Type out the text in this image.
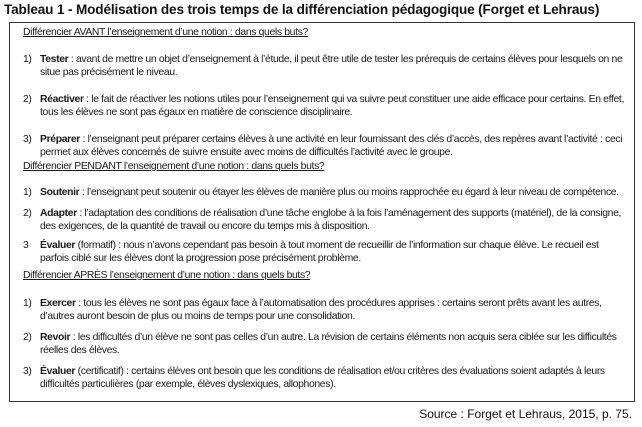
Tableau 1 - Modélisation des trois temps de la différenciation pédagogique (Forget et Lehraus)
Différencier AVANT l’enseignement d’une notion : dans quels buts?
1) Tester : avant de mettre un objet d’enseignement à l’étude, il peut être utile de tester les prérequis de certains élèves pour lesquels on ne situe pas précisément le niveau.
2) Réactiver : le fait de réactiver les notions utiles pour l’enseignement qui va suivre peut constituer une aide efficace pour certains. En effet, tous les élèves ne sont pas égaux en matière de conscience disciplinaire.
3) Préparer : l’enseignant peut préparer certains élèves à une activité en leur fournissant des clés d’accès, des repères avant l’activité : ceci permet aux élèves concernés de suivre ensuite avec moins de difficultés l’activité avec le groupe.
Différencier PENDANT l’enseignement d’une notion : dans quels buts?
1) Soutenir : l’enseignant peut soutenir ou étayer les élèves de manière plus ou moins rapprochée eu égard à leur niveau de compétence.
2) Adapter : l’adaptation des conditions de réalisation d’une tâche englobe à la fois l’aménagement des supports (matériel), de la consigne, des exigences, de la quantité de travail ou encore du temps mis à disposition.
3 Évaluer (formatif) : nous n’avons cependant pas besoin à tout moment de recueillir de l’information sur chaque élève. Le recueil est parfois ciblé sur les élèves dont la progression pose précisément problème.
Différencier APRÈS l’enseignement d’une notion : dans quels buts?
1) Exercer : tous les élèves ne sont pas égaux face à l’automatisation des procédures apprises : certains seront prêts avant les autres, d’autres auront besoin de plus ou moins de temps pour une consolidation.
2) Revoir : les difficultés d’un élève ne sont pas celles d’un autre. La révision de certains éléments non acquis sera ciblée sur les difficultés réelles des élèves.
3) Évaluer (certificatif) : certains élèves ont besoin que les conditions de réalisation et/ou critères des évaluations soient adaptés à leurs difficultés particulières (par exemple, élèves dyslexiques, allophones).
Source : Forget et Lehraus, 2015, p. 75.
